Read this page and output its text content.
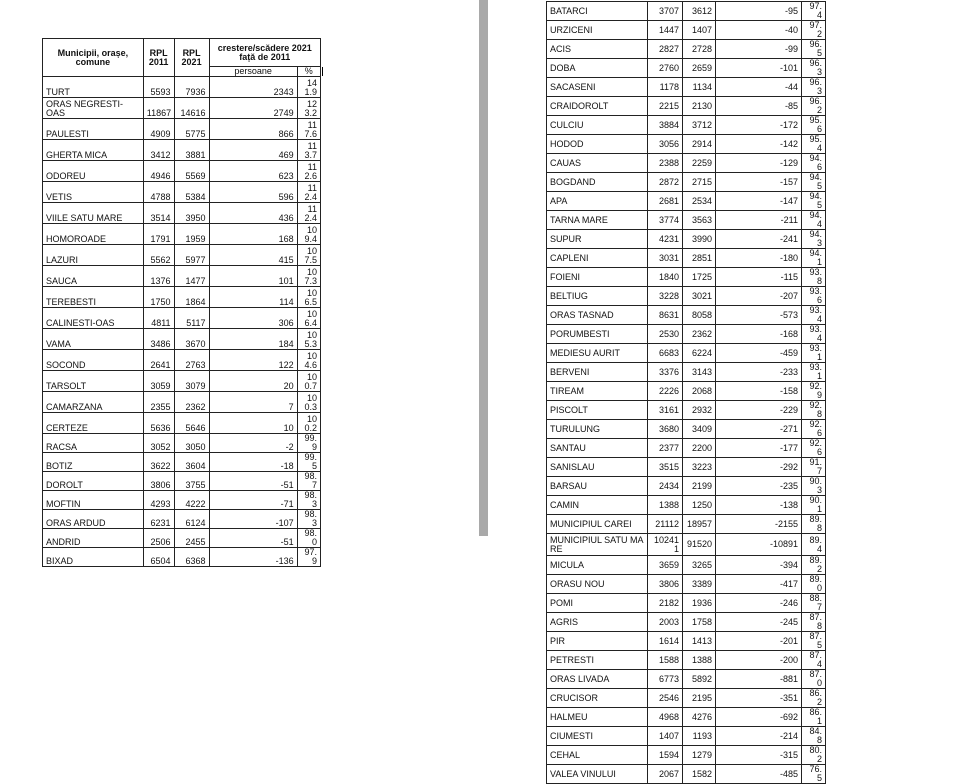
Municipii, orașe, comune	RPL 2011	RPL 2021	crestere/scădere 2021 față de 2011	
			persoane	%
TURT	5593	7936	2343	141.9
ORAS NEGRESTI-OAS	11867	14616	2749	123.2
PAULESTI	4909	5775	866	117.6
GHERTA MICA	3412	3881	469	113.7
ODOREU	4946	5569	623	112.6
VETIS	4788	5384	596	112.4
VIILE SATU MARE	3514	3950	436	112.4
HOMOROADE	1791	1959	168	109.4
LAZURI	5562	5977	415	107.5
SAUCA	1376	1477	101	107.3
TEREBESTI	1750	1864	114	106.5
CALINESTI-OAS	4811	5117	306	106.4
VAMA	3486	3670	184	105.3
SOCOND	2641	2763	122	104.6
TARSOLT	3059	3079	20	100.7
CAMARZANA	2355	2362	7	100.3
CERTEZE	5636	5646	10	100.2
RACSA	3052	3050	-2	99.9
BOTIZ	3622	3604	-18	99.5
DOROLT	3806	3755	-51	98.7
MOFTIN	4293	4222	-71	98.3
ORAS ARDUD	6231	6124	-107	98.3
ANDRID	2506	2455	-51	98.0
BIXAD	6504	6368	-136	97.9
BATARCI	3707	3612	-95	97.4
URZICENI	1447	1407	-40	97.2
ACIS	2827	2728	-99	96.5
DOBA	2760	2659	-101	96.3
SACASENI	1178	1134	-44	96.3
CRAIDOROLT	2215	2130	-85	96.2
CULCIU	3884	3712	-172	95.6
HODOD	3056	2914	-142	95.4
CAUAS	2388	2259	-129	94.6
BOGDAND	2872	2715	-157	94.5
APA	2681	2534	-147	94.5
TARNA MARE	3774	3563	-211	94.4
SUPUR	4231	3990	-241	94.3
CAPLENI	3031	2851	-180	94.1
FOIENI	1840	1725	-115	93.8
BELTIUG	3228	3021	-207	93.6
ORAS TASNAD	8631	8058	-573	93.4
PORUMBESTI	2530	2362	-168	93.4
MEDIESU AURIT	6683	6224	-459	93.1
BERVENI	3376	3143	-233	93.1
TIREAM	2226	2068	-158	92.9
PISCOLT	3161	2932	-229	92.8
TURULUNG	3680	3409	-271	92.6
SANTAU	2377	2200	-177	92.6
SANISLAU	3515	3223	-292	91.7
BARSAU	2434	2199	-235	90.3
CAMIN	1388	1250	-138	90.1
MUNICIPIUL CAREI	21112	18957	-2155	89.8
MUNICIPIUL SATU MARE	102411	91520	-10891	89.4
MICULA	3659	3265	-394	89.2
ORASU NOU	3806	3389	-417	89.0
POMI	2182	1936	-246	88.7
AGRIS	2003	1758	-245	87.8
PIR	1614	1413	-201	87.5
PETRESTI	1588	1388	-200	87.4
ORAS LIVADA	6773	5892	-881	87.0
CRUCISOR	2546	2195	-351	86.2
HALMEU	4968	4276	-692	86.1
CIUMESTI	1407	1193	-214	84.8
CEHAL	1594	1279	-315	80.2
VALEA VINULUI	2067	1582	-485	76.5
